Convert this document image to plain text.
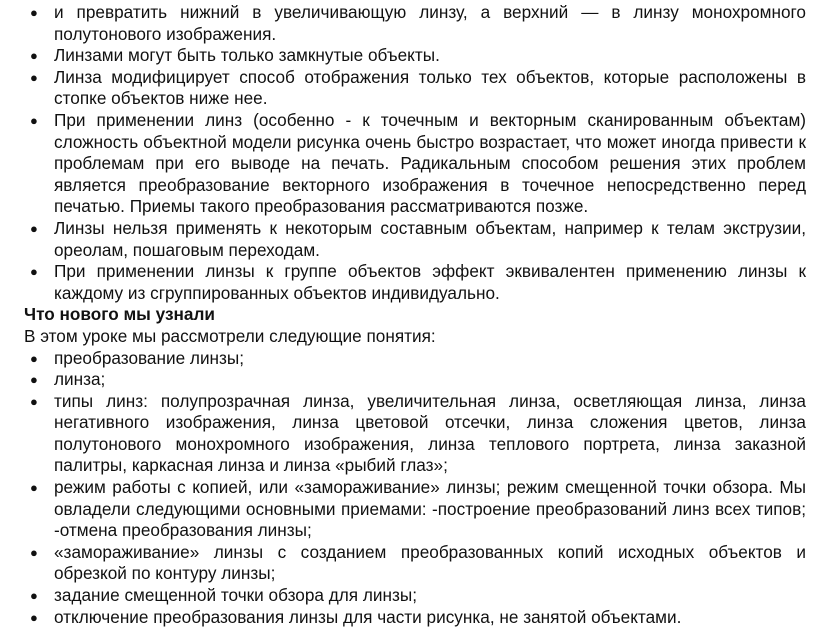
● и превратить нижний в увеличивающую линзу, а верхний — в линзу монохромного полутонового изображения.
● Линзами могут быть только замкнутые объекты.
● Линза модифицирует способ отображения только тех объектов, которые расположены в стопке объектов ниже нее.
● При применении линз (особенно - к точечным и векторным сканированным объектам) сложность объектной модели рисунка очень быстро возрастает, что может иногда привести к проблемам при его выводе на печать. Радикальным способом решения этих проблем является преобразование векторного изображения в точечное непосредственно перед печатью. Приемы такого преобразования рассматриваются позже.
● Линзы нельзя применять к некоторым составным объектам, например к телам экструзии, ореолам, пошаговым переходам.
● При применении линзы к группе объектов эффект эквивалентен применению линзы к каждому из сгруппированных объектов индивидуально.

Что нового мы узнали

В этом уроке мы рассмотрели следующие понятия:

● преобразование линзы;
● линза;
● типы линз: полупрозрачная линза, увеличительная линза, осветляющая линза, линза негативного изображения, линза цветовой отсечки, линза сложения цветов, линза полутонового монохромного изображения, линза теплового портрета, линза заказной палитры, каркасная линза и линза «рыбий глаз»;
● режим работы с копией, или «замораживание» линзы; режим смещенной точки обзора. Мы овладели следующими основными приемами: -построение преобразований линз всех типов; -отмена преобразования линзы;
● «замораживание» линзы с созданием преобразованных копий исходных объектов и обрезкой по контуру линзы;
● задание смещенной точки обзора для линзы;
● отключение преобразования линзы для части рисунка, не занятой объектами.
